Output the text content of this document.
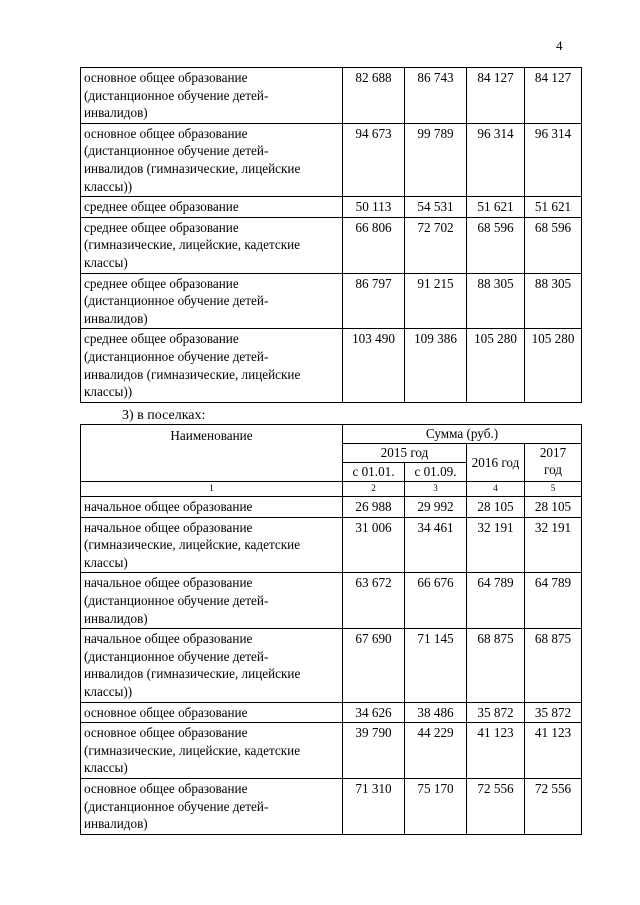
4
основное общее образование
(дистанционное обучение детей-
инвалидов)	82 688	86 743	84 127	84 127

основное общее образование
(дистанционное обучение детей-
инвалидов (гимназические, лицейские
классы))	94 673	99 789	96 314	96 314

среднее общее образование	50 113	54 531	51 621	51 621

среднее общее образование
(гимназические, лицейские, кадетские
классы)	66 806	72 702	68 596	68 596

среднее общее образование
(дистанционное обучение детей-
инвалидов)	86 797	91 215	88 305	88 305

среднее общее образование
(дистанционное обучение детей-
инвалидов (гимназические, лицейские
классы))	103 490	109 386	105 280	105 280
3) в поселках:
Наименование	Сумма (руб.)			
	2015 год		2016 год	2017
год

	с 01.01.	с 01.09.		
1	2	3	4	5

начальное общее образование	26 988	29 992	28 105	28 105

начальное общее образование
(гимназические, лицейские, кадетские
классы)	31 006	34 461	32 191	32 191

начальное общее образование
(дистанционное обучение детей-
инвалидов)	63 672	66 676	64 789	64 789

начальное общее образование
(дистанционное обучение детей-
инвалидов (гимназические, лицейские
классы))	67 690	71 145	68 875	68 875

основное общее образование	34 626	38 486	35 872	35 872

основное общее образование
(гимназические, лицейские, кадетские
классы)	39 790	44 229	41 123	41 123

основное общее образование
(дистанционное обучение детей-
инвалидов)	71 310	75 170	72 556	72 556
